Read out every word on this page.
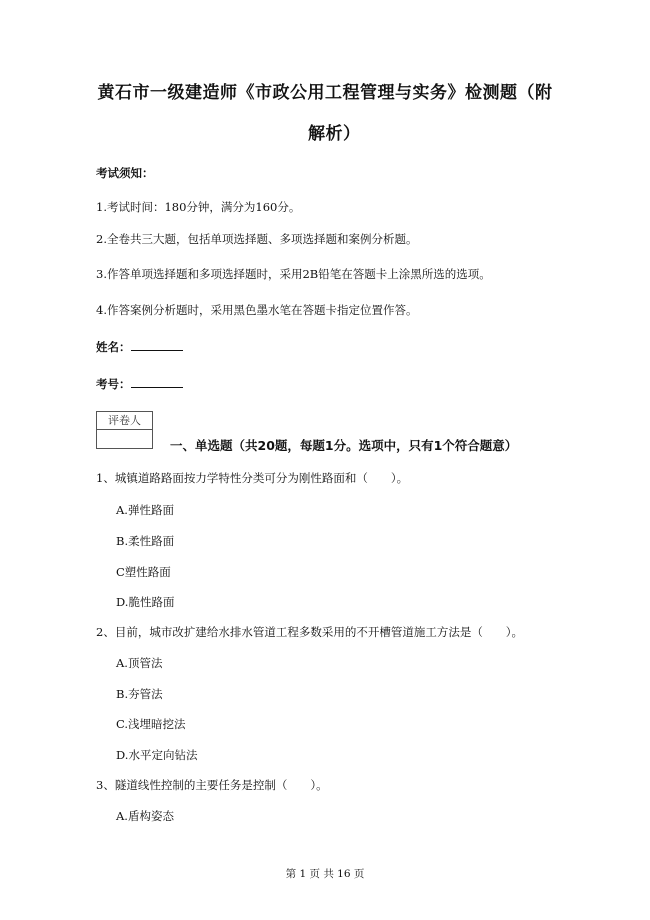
黄石市一级建造师《市政公用工程管理与实务》检测题（附
解析）
考试须知：
1.考试时间：180分钟，满分为160分。
2.全卷共三大题，包括单项选择题、多项选择题和案例分析题。
3.作答单项选择题和多项选择题时，采用2B铅笔在答题卡上涂黑所选的选项。
4.作答案例分析题时，采用黑色墨水笔在答题卡指定位置作答。
姓名：
考号：
评卷人
一、单选题（共20题，每题1分。选项中，只有1个符合题意）
1、城镇道路路面按力学特性分类可分为刚性路面和（　　）。
A.弹性路面
B.柔性路面
C塑性路面
D.脆性路面
2、目前，城市改扩建给水排水管道工程多数采用的不开槽管道施工方法是（　　）。
A.顶管法
B.夯管法
C.浅埋暗挖法
D.水平定向钻法
3、隧道线性控制的主要任务是控制（　　）。
A.盾构姿态
第 1 页 共 16 页
